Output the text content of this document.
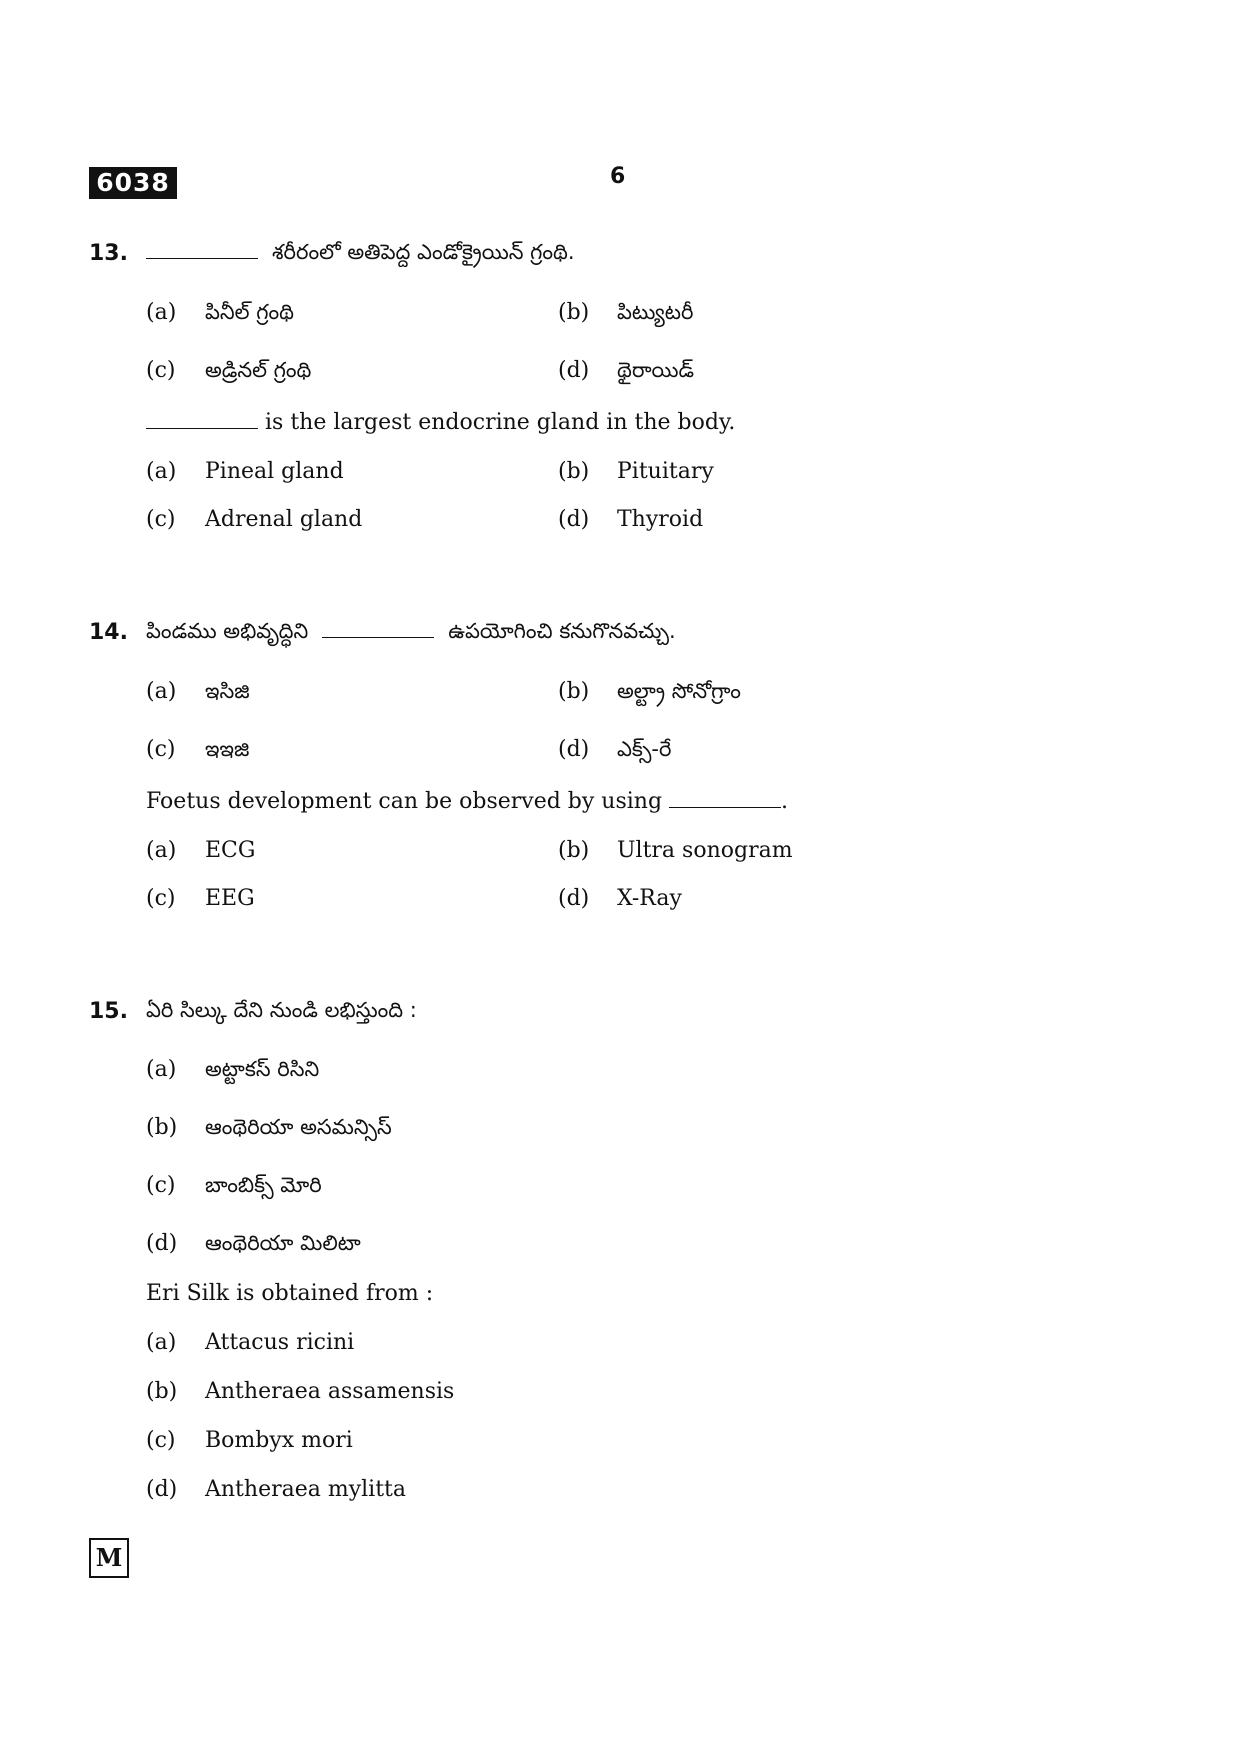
6038	6
13.	శరీరంలో అతిపెద్ద ఎండోక్రైయిన్ గ్రంథి.
(a) పినీల్ గ్రంథి	(b) పిట్యుటరీ
(c) అడ్రినల్ గ్రంథి	(d) థైరాయిడ్
is the largest endocrine gland in the body.
(a) Pineal gland	(b) Pituitary
(c) Adrenal gland	(d) Thyroid
14. పిండము అభివృద్ధిని	ఉపయోగించి కనుగొనవచ్చు.
(a) ఇసిజి	(b) అల్ట్రా సోనోగ్రాం
(c) ఇఇజి	(d) ఎక్స్-రే
Foetus development can be observed by using	.
(a) ECG	(b) Ultra sonogram
(c) EEG	(d) X-Ray
15. ఏరి సిల్కు దేని నుండి లభిస్తుంది :
(a) అట్టాకస్ రిసిని
(b) ఆంథెరియా అసమన్సిస్
(c) బాంబిక్స్ మోరి
(d) ఆంథెరియా మిలిటా
Eri Silk is obtained from :
(a) Attacus ricini
(b) Antheraea assamensis
(c) Bombyx mori
(d) Antheraea mylitta
M
